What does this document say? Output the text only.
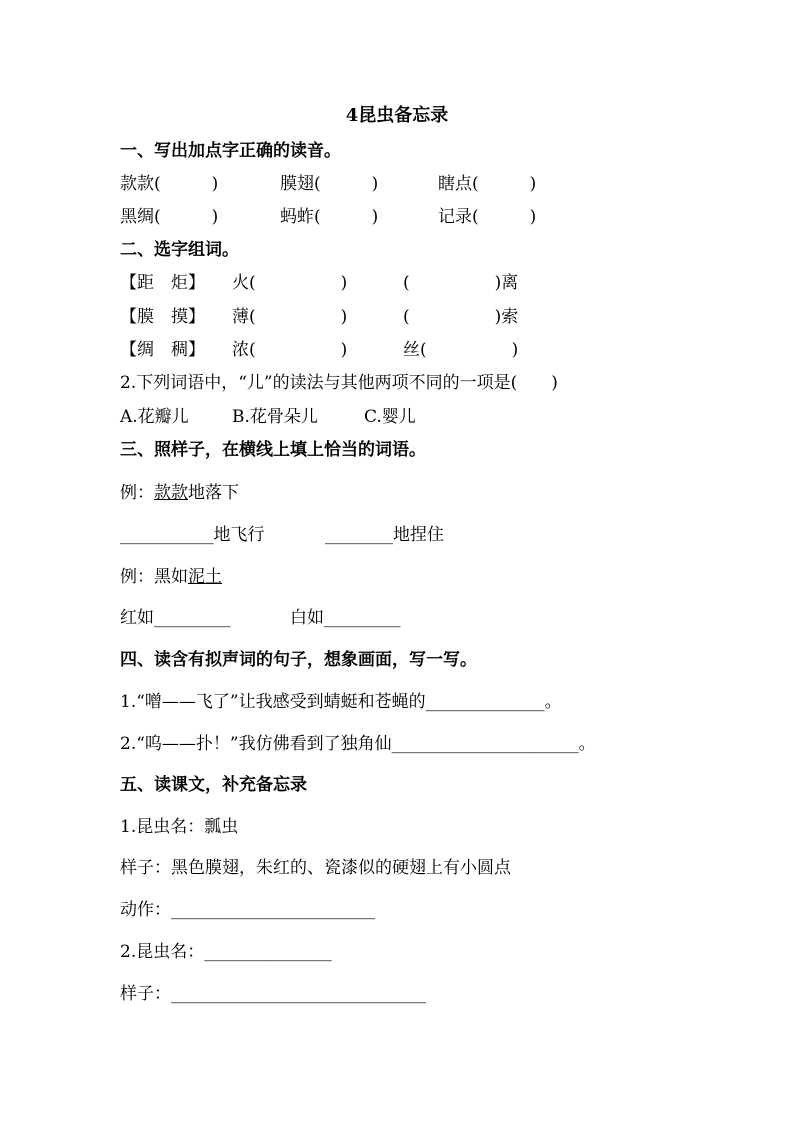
4昆虫备忘录
一、写出加点字正确的读音。
款款(　　　)	膜翅(　　　)	瞎点(　　　)
黑绸(　　　)	蚂蚱(　　　)	记录(　　　)
二、选字组词。
【距　炬】 火(　　　　　)	(　　　　　)离
【膜　摸】 薄(　　　　　)	(　　　　　)索
【绸　稠】 浓(　　　　　)	丝(　　　　　)
2.下列词语中，“儿”的读法与其他两项不同的一项是(　　)
A.花瓣儿	B.花骨朵儿	C.婴儿
三、照样子，在横线上填上恰当的词语。
例：款款地落下
___________地飞行	________地捏住
例：黑如泥土
红如_________	白如_________
四、读含有拟声词的句子，想象画面，写一写。
1.“噌——飞了”让我感受到蜻蜓和苍蝇的______________。
2.“呜——扑！”我仿佛看到了独角仙______________________。
五、读课文，补充备忘录
1.昆虫名：瓢虫
样子：黑色膜翅，朱红的、瓷漆似的硬翅上有小圆点
动作：________________________
2.昆虫名：_______________
样子：______________________________
